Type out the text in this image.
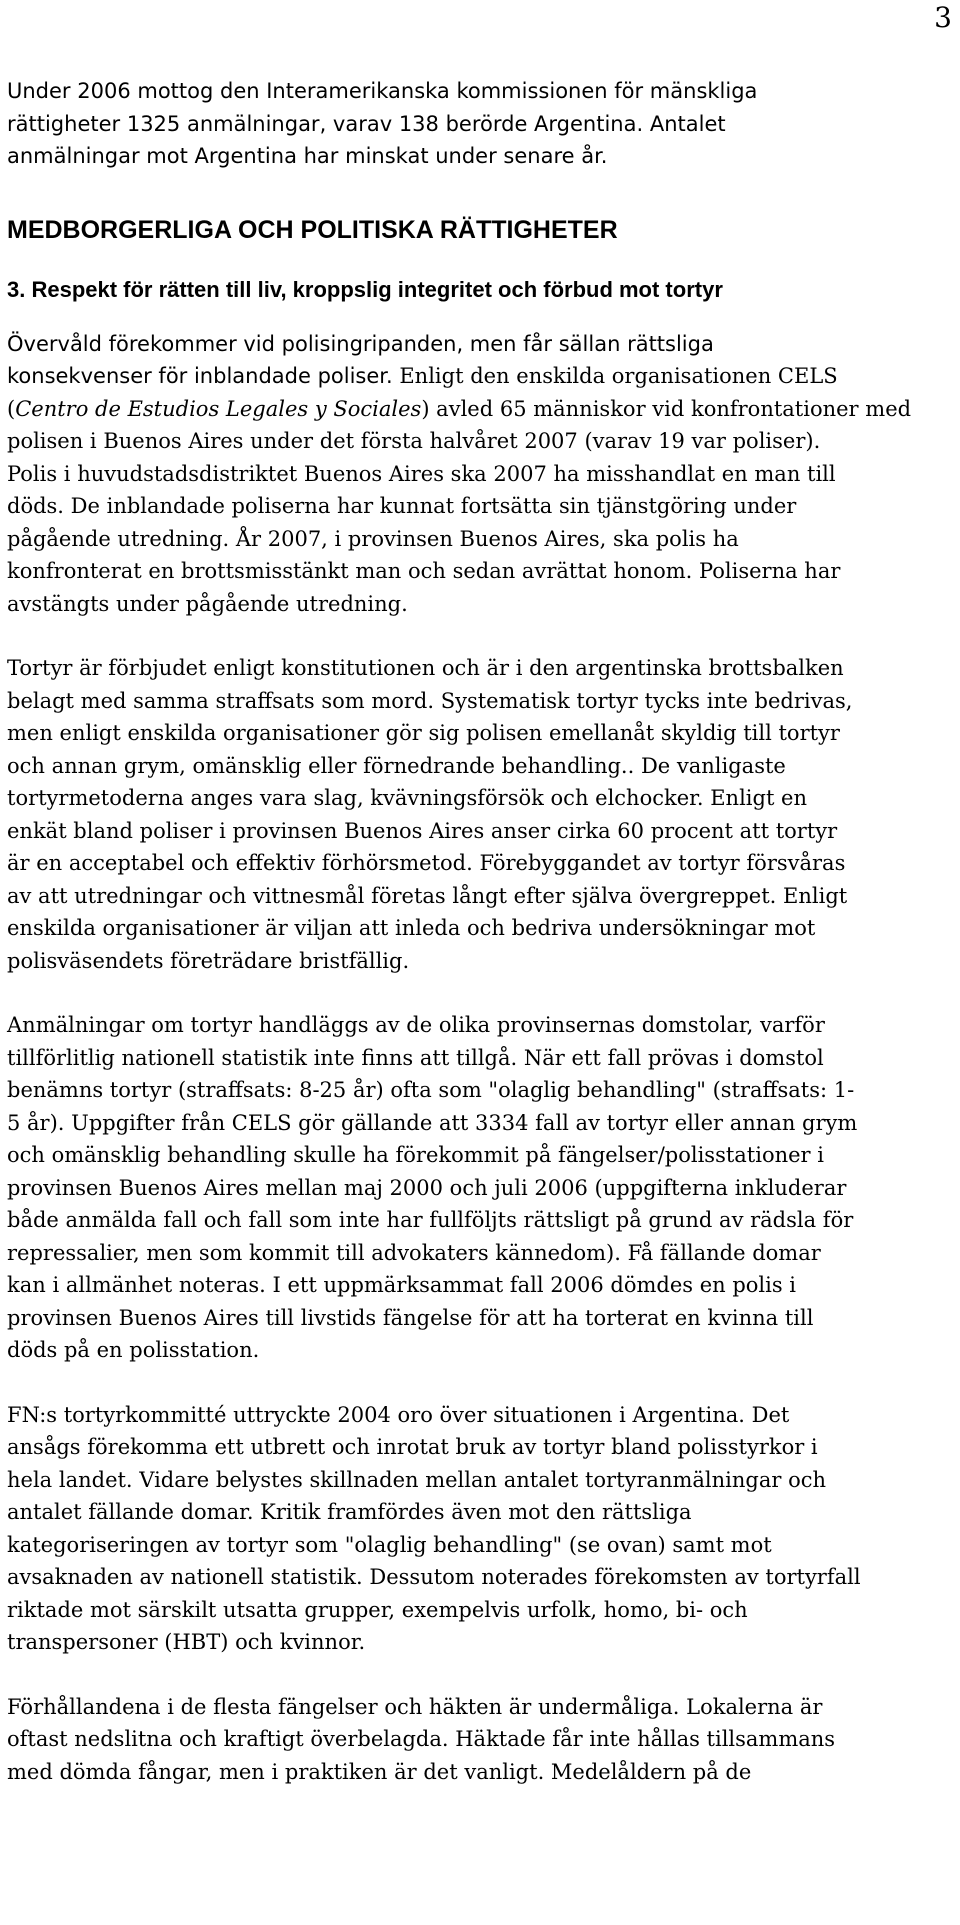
3

Under 2006 mottog den Interamerikanska kommissionen för mänskliga
rättigheter 1325 anmälningar, varav 138 berörde Argentina. Antalet
anmälningar mot Argentina har minskat under senare år.

MEDBORGERLIGA OCH POLITISKA RÄTTIGHETER
3. Respekt för rätten till liv, kroppslig integritet och förbud mot tortyr

Övervåld förekommer vid polisingripanden, men får sällan rättsliga
konsekvenser för inblandade poliser. Enligt den enskilda organisationen CELS
(Centro de Estudios Legales y Sociales) avled 65 människor vid konfrontationer med
polisen i Buenos Aires under det första halvåret 2007 (varav 19 var poliser).
Polis i huvudstadsdistriktet Buenos Aires ska 2007 ha misshandlat en man till
döds. De inblandade poliserna har kunnat fortsätta sin tjänstgöring under
pågående utredning. År 2007, i provinsen Buenos Aires, ska polis ha
konfronterat en brottsmisstänkt man och sedan avrättat honom. Poliserna har
avstängts under pågående utredning.

Tortyr är förbjudet enligt konstitutionen och är i den argentinska brottsbalken
belagt med samma straffsats som mord. Systematisk tortyr tycks inte bedrivas,
men enligt enskilda organisationer gör sig polisen emellanåt skyldig till tortyr
och annan grym, omänsklig eller förnedrande behandling.. De vanligaste
tortyrmetoderna anges vara slag, kvävningsförsök och elchocker. Enligt en
enkät bland poliser i provinsen Buenos Aires anser cirka 60 procent att tortyr
är en acceptabel och effektiv förhörsmetod. Förebyggandet av tortyr försvåras
av att utredningar och vittnesmål företas långt efter själva övergreppet. Enligt
enskilda organisationer är viljan att inleda och bedriva undersökningar mot
polisväsendets företrädare bristfällig.

Anmälningar om tortyr handläggs av de olika provinsernas domstolar, varför
tillförlitlig nationell statistik inte finns att tillgå. När ett fall prövas i domstol
benämns tortyr (straffsats: 8-25 år) ofta som "olaglig behandling" (straffsats: 1-
5 år). Uppgifter från CELS gör gällande att 3334 fall av tortyr eller annan grym
och omänsklig behandling skulle ha förekommit på fängelser/polisstationer i
provinsen Buenos Aires mellan maj 2000 och juli 2006 (uppgifterna inkluderar
både anmälda fall och fall som inte har fullföljts rättsligt på grund av rädsla för
repressalier, men som kommit till advokaters kännedom). Få fällande domar
kan i allmänhet noteras. I ett uppmärksammat fall 2006 dömdes en polis i
provinsen Buenos Aires till livstids fängelse för att ha torterat en kvinna till
döds på en polisstation.

FN:s tortyrkommitté uttryckte 2004 oro över situationen i Argentina. Det
ansågs förekomma ett utbrett och inrotat bruk av tortyr bland polisstyrkor i
hela landet. Vidare belystes skillnaden mellan antalet tortyranmälningar och
antalet fällande domar. Kritik framfördes även mot den rättsliga
kategoriseringen av tortyr som "olaglig behandling" (se ovan) samt mot
avsaknaden av nationell statistik. Dessutom noterades förekomsten av tortyrfall
riktade mot särskilt utsatta grupper, exempelvis urfolk, homo, bi- och
transpersoner (HBT) och kvinnor.

Förhållandena i de flesta fängelser och häkten är undermåliga. Lokalerna är
oftast nedslitna och kraftigt överbelagda. Häktade får inte hållas tillsammans
med dömda fångar, men i praktiken är det vanligt. Medelåldern på de
